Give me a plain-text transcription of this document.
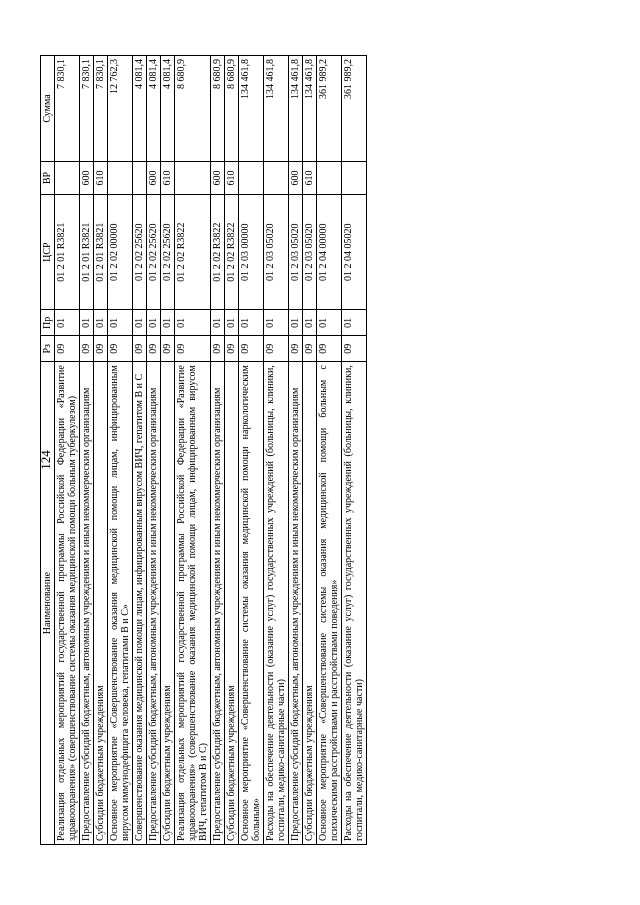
124
Наименование	Рз	Пр	ЦСР	ВР	Сумма
Реализация отдельных мероприятий государственной программы Российской Федерации «Развитие здравоохранения» (совершенствование системы оказания медицинской помощи больным туберкулезом)	09	01	01 2 01 R3821		7 830,1
Предоставление субсидий бюджетным, автономным учреждениям и иным некоммерческим организациям	09	01	01 2 01 R3821	600	7 830,1
Субсидии бюджетным учреждениям	09	01	01 2 01 R3821	610	7 830,1
Основное мероприятие «Совершенствование оказания медицинской помощи лицам, инфицированным вирусом иммунодефицита человека, гепатитами В и С»	09	01	01 2 02 00000		12 762,3
Совершенствование оказания медицинской помощи лицам, инфицированным вирусом ВИЧ, гепатитом В и С	09	01	01 2 02 25620		4 081,4
Предоставление субсидий бюджетным, автономным учреждениям и иным некоммерческим организациям	09	01	01 2 02 25620	600	4 081,4
Субсидии бюджетным учреждениям	09	01	01 2 02 25620	610	4 081,4
Реализация отдельных мероприятий государственной программы Российской Федерации «Развитие здравоохранения» (совершенствование оказания медицинской помощи лицам, инфицированным вирусом ВИЧ, гепатитом В и С)	09	01	01 2 02 R3822		8 680,9
Предоставление субсидий бюджетным, автономным учреждениям и иным некоммерческим организациям	09	01	01 2 02 R3822	600	8 680,9
Субсидии бюджетным учреждениям	09	01	01 2 02 R3822	610	8 680,9
Основное мероприятие «Совершенствование системы оказания медицинской помощи наркологическим больным»	09	01	01 2 03 00000		134 461,8
Расходы на обеспечение деятельности (оказание услуг) государственных учреждений (больницы, клиники, госпитали, медико-санитарные части)	09	01	01 2 03 05020		134 461,8
Предоставление субсидий бюджетным, автономным учреждениям и иным некоммерческим организациям	09	01	01 2 03 05020	600	134 461,8
Субсидии бюджетным учреждениям	09	01	01 2 03 05020	610	134 461,8
Основное мероприятие «Совершенствование системы оказания медицинской помощи больным с психическими расстройствами и расстройствами поведения»	09	01	01 2 04 00000		361 989,2
Расходы на обеспечение деятельности (оказание услуг) государственных учреждений (больницы, клиники, госпитали, медико-санитарные части)	09	01	01 2 04 05020		361 989,2
